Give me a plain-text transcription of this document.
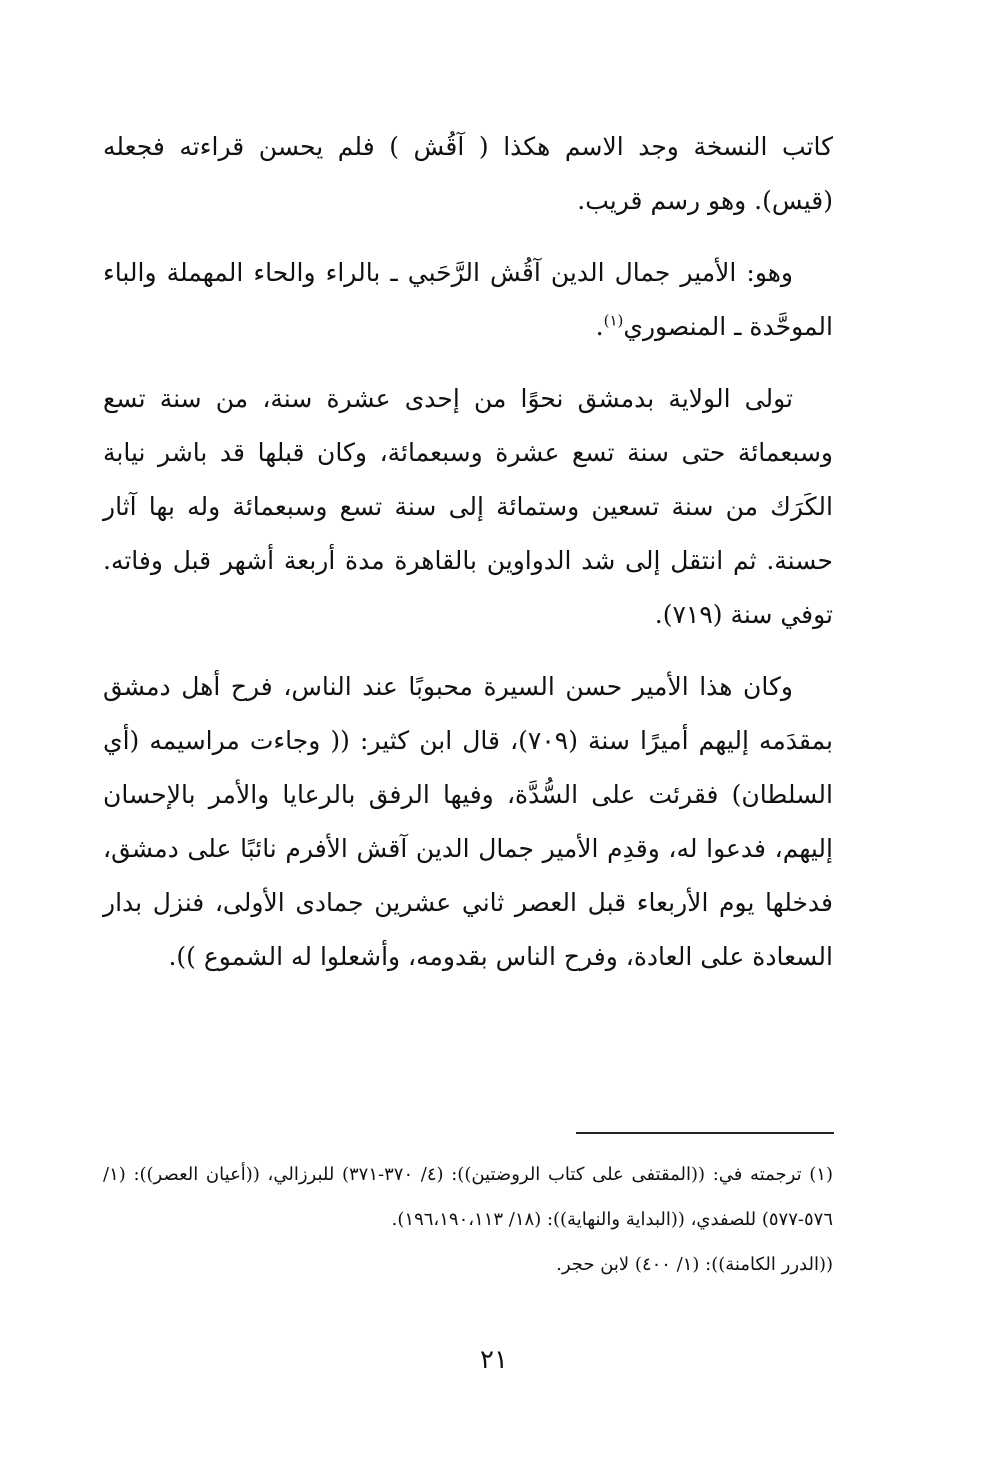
كاتب النسخة وجد الاسم هكذا ( آقُش ) فلم يحسن قراءته فجعله (قيس). وهو رسم قريب.

وهو: الأمير جمال الدين آقُش الرَّحَبي ـ بالراء والحاء المهملة والباء الموحَّدة ـ المنصوري$^{(١)}$.

تولى الولاية بدمشق نحوًا من إحدى عشرة سنة، من سنة تسع وسبعمائة حتى سنة تسع عشرة وسبعمائة، وكان قبلها قد باشر نيابة الكَرَك من سنة تسعين وستمائة إلى سنة تسع وسبعمائة وله بها آثار حسنة. ثم انتقل إلى شد الدواوين بالقاهرة مدة أربعة أشهر قبل وفاته. توفي سنة (٧١٩).

وكان هذا الأمير حسن السيرة محبوبًا عند الناس، فرح أهل دمشق بمقدَمه إليهم أميرًا سنة (٧٠٩)، قال ابن كثير: (( وجاءت مراسيمه (أي السلطان) فقرئت على السُّدَّة، وفيها الرفق بالرعايا والأمر بالإحسان إليهم، فدعوا له، وقدِم الأمير جمال الدين آقش الأفرم نائبًا على دمشق، فدخلها يوم الأربعاء قبل العصر ثاني عشرين جمادى الأولى، فنزل بدار السعادة على العادة، وفرح الناس بقدومه، وأشعلوا له الشموع )).

(١) ترجمته في: ((المقتفى على كتاب الروضتين)): (٤/ ٣٧٠-٣٧١) للبرزالي، ((أعيان العصر)): (١/ ٥٧٦-٥٧٧) للصفدي، ((البداية والنهاية)): (١٨/ ١٩٦،١٩٠،١١٣).

((الدرر الكامنة)): (١/ ٤٠٠) لابن حجر.

٢١
